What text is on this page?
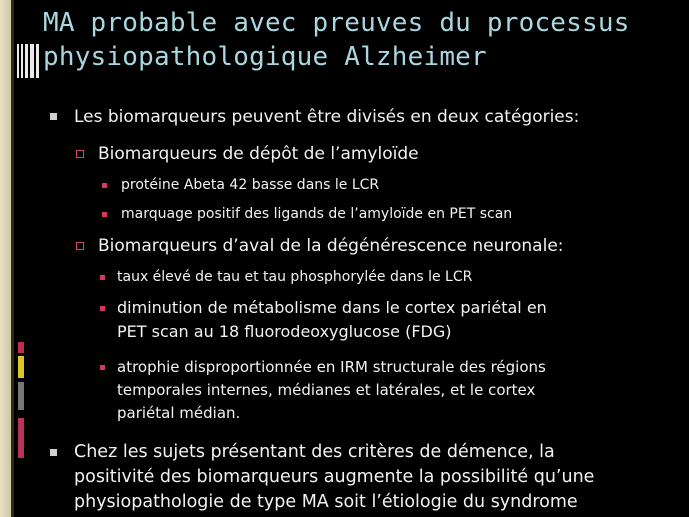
MA probable avec preuves du processus physiopathologique Alzheimer
Les biomarqueurs peuvent être divisés en deux catégories:
Biomarqueurs de dépôt de l’amyloïde
protéine Abeta 42 basse dans le LCR
marquage positif des ligands de l’amyloïde en PET scan
Biomarqueurs d’aval de la dégénérescence neuronale:
taux élevé de tau et tau phosphorylée dans le LCR
diminution de métabolisme dans le cortex pariétal en
PET scan au 18 fluorodeoxyglucose (FDG)
atrophie disproportionnée en IRM structurale des régions
temporales internes, médianes et latérales, et le cortex
pariétal médian.
Chez les sujets présentant des critères de démence, la
positivité des biomarqueurs augmente la possibilité qu’une
physiopathologie de type MA soit l’étiologie du syndrome
